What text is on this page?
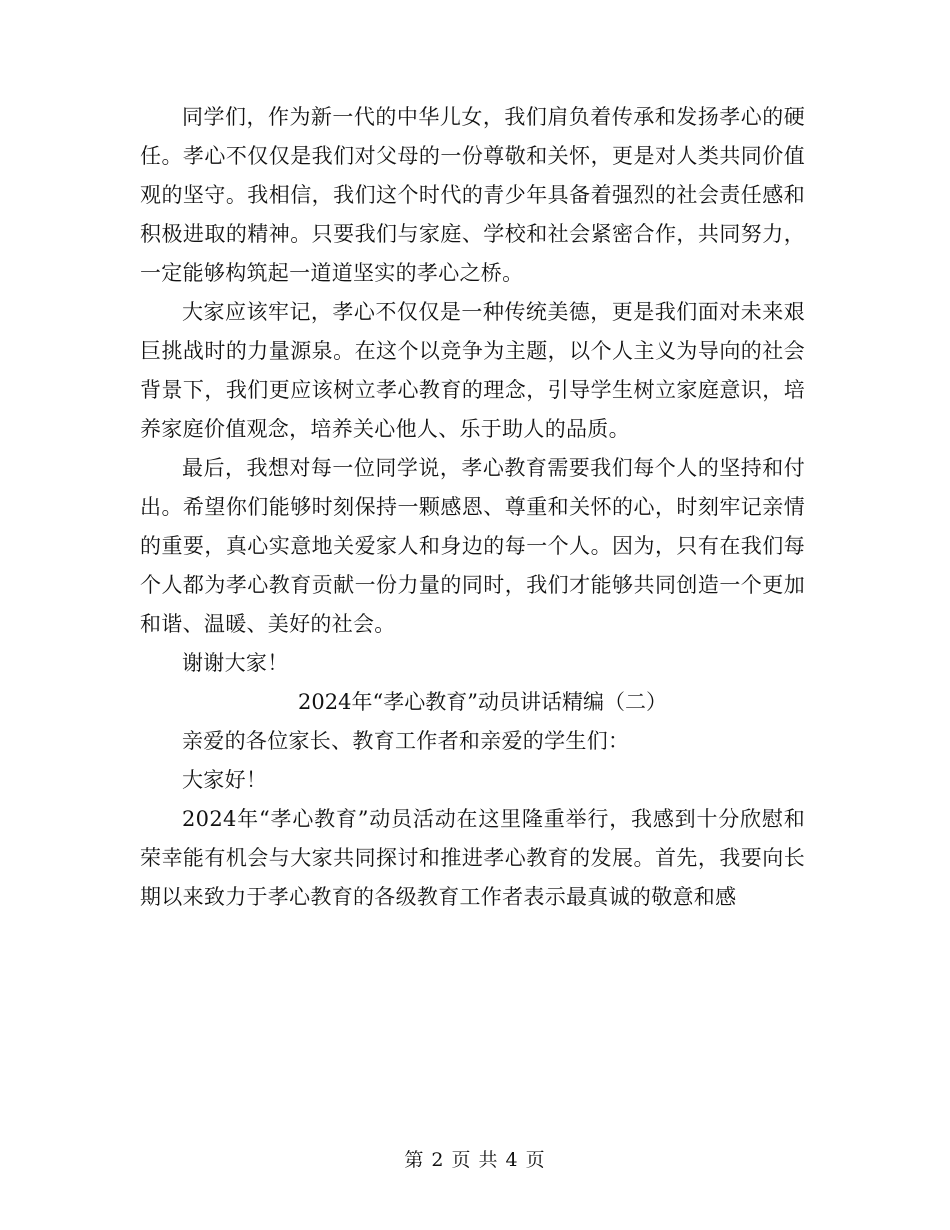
同学们，作为新一代的中华儿女，我们肩负着传承和发扬孝心的硬任。孝心不仅仅是我们对父母的一份尊敬和关怀，更是对人类共同价值观的坚守。我相信，我们这个时代的青少年具备着强烈的社会责任感和积极进取的精神。只要我们与家庭、学校和社会紧密合作，共同努力，一定能够构筑起一道道坚实的孝心之桥。

大家应该牢记，孝心不仅仅是一种传统美德，更是我们面对未来艰巨挑战时的力量源泉。在这个以竞争为主题，以个人主义为导向的社会背景下，我们更应该树立孝心教育的理念，引导学生树立家庭意识，培养家庭价值观念，培养关心他人、乐于助人的品质。

最后，我想对每一位同学说，孝心教育需要我们每个人的坚持和付出。希望你们能够时刻保持一颗感恩、尊重和关怀的心，时刻牢记亲情的重要，真心实意地关爱家人和身边的每一个人。因为，只有在我们每个人都为孝心教育贡献一份力量的同时，我们才能够共同创造一个更加和谐、温暖、美好的社会。

谢谢大家！

2024年“孝心教育”动员讲话精编（二）

亲爱的各位家长、教育工作者和亲爱的学生们：

大家好！

2024年“孝心教育”动员活动在这里隆重举行，我感到十分欣慰和荣幸能有机会与大家共同探讨和推进孝心教育的发展。首先，我要向长期以来致力于孝心教育的各级教育工作者表示最真诚的敬意和感

第 2 页 共 4 页
